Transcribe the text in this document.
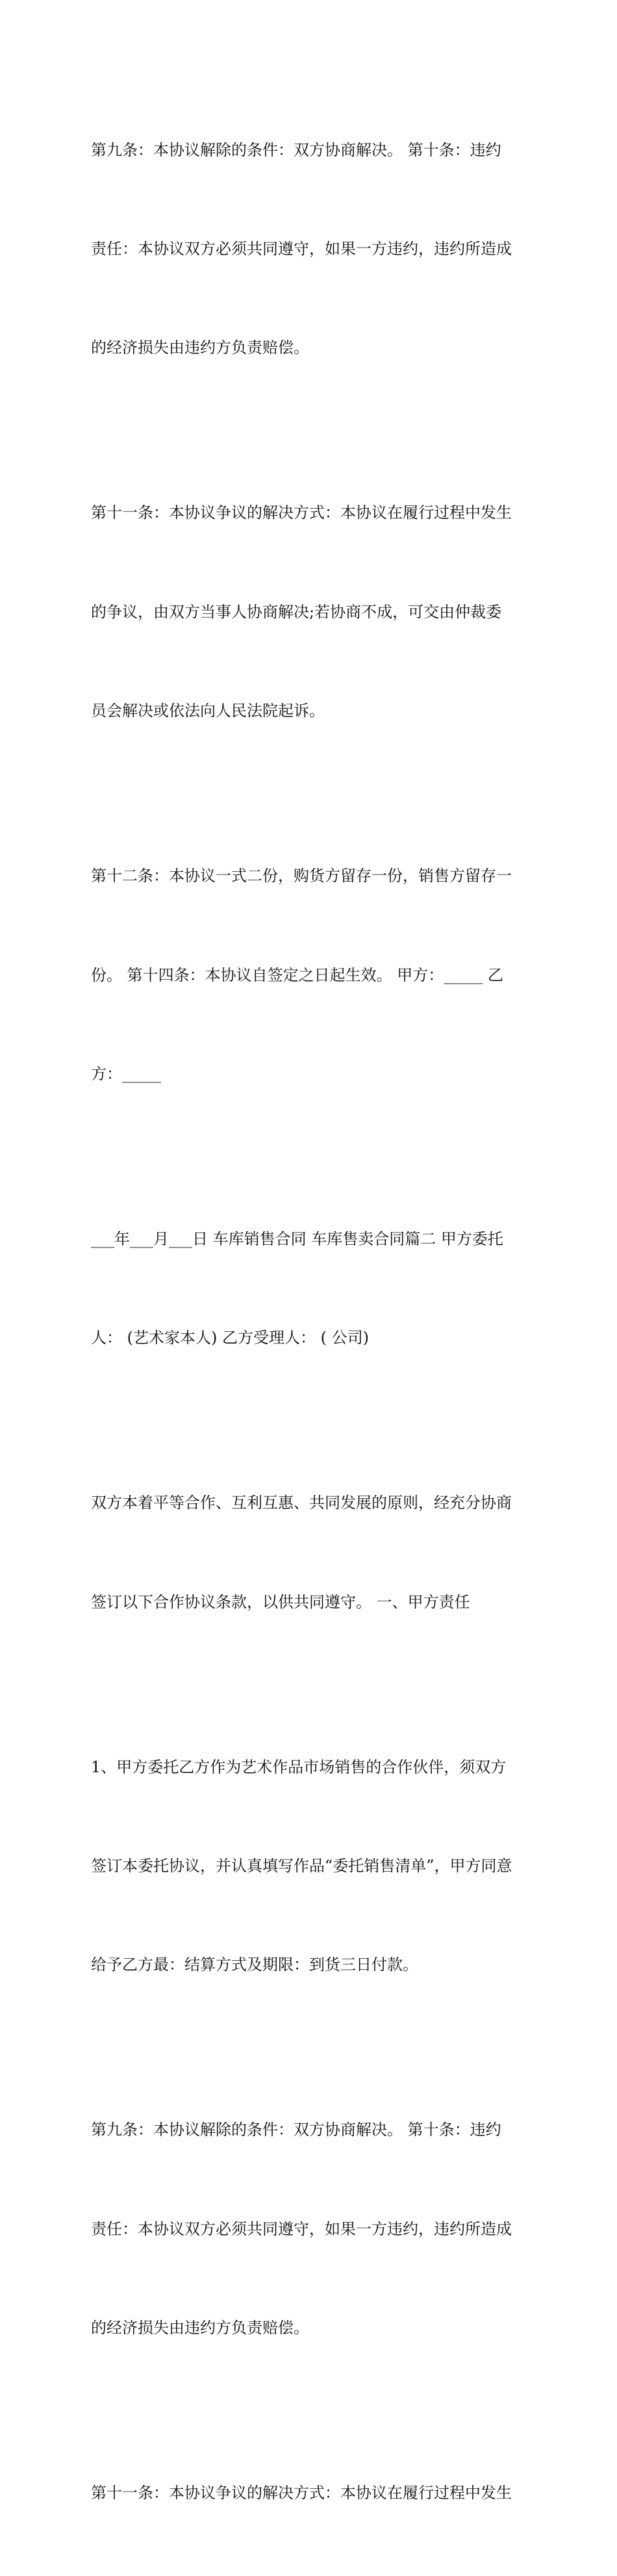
第九条：本协议解除的条件：双方协商解决。 第十条：违约

责任：本协议双方必须共同遵守，如果一方违约，违约所造成

的经济损失由违约方负责赔偿。

第十一条：本协议争议的解决方式：本协议在履行过程中发生

的争议，由双方当事人协商解决;若协商不成，可交由仲裁委

员会解决或依法向人民法院起诉。

第十二条：本协议一式二份，购货方留存一份，销售方留存一

份。 第十四条：本协议自签定之日起生效。 甲方：_____ 乙

方：_____

___年___月___日 车库销售合同 车库售卖合同篇二 甲方委托

人： (艺术家本人) 乙方受理人： ( 公司)

双方本着平等合作、互利互惠、共同发展的原则，经充分协商

签订以下合作协议条款，以供共同遵守。 一、甲方责任

1、甲方委托乙方作为艺术作品市场销售的合作伙伴，须双方

签订本委托协议，并认真填写作品“委托销售清单”，甲方同意

给予乙方最：结算方式及期限：到货三日付款。

第九条：本协议解除的条件：双方协商解决。 第十条：违约

责任：本协议双方必须共同遵守，如果一方违约，违约所造成

的经济损失由违约方负责赔偿。

第十一条：本协议争议的解决方式：本协议在履行过程中发生
